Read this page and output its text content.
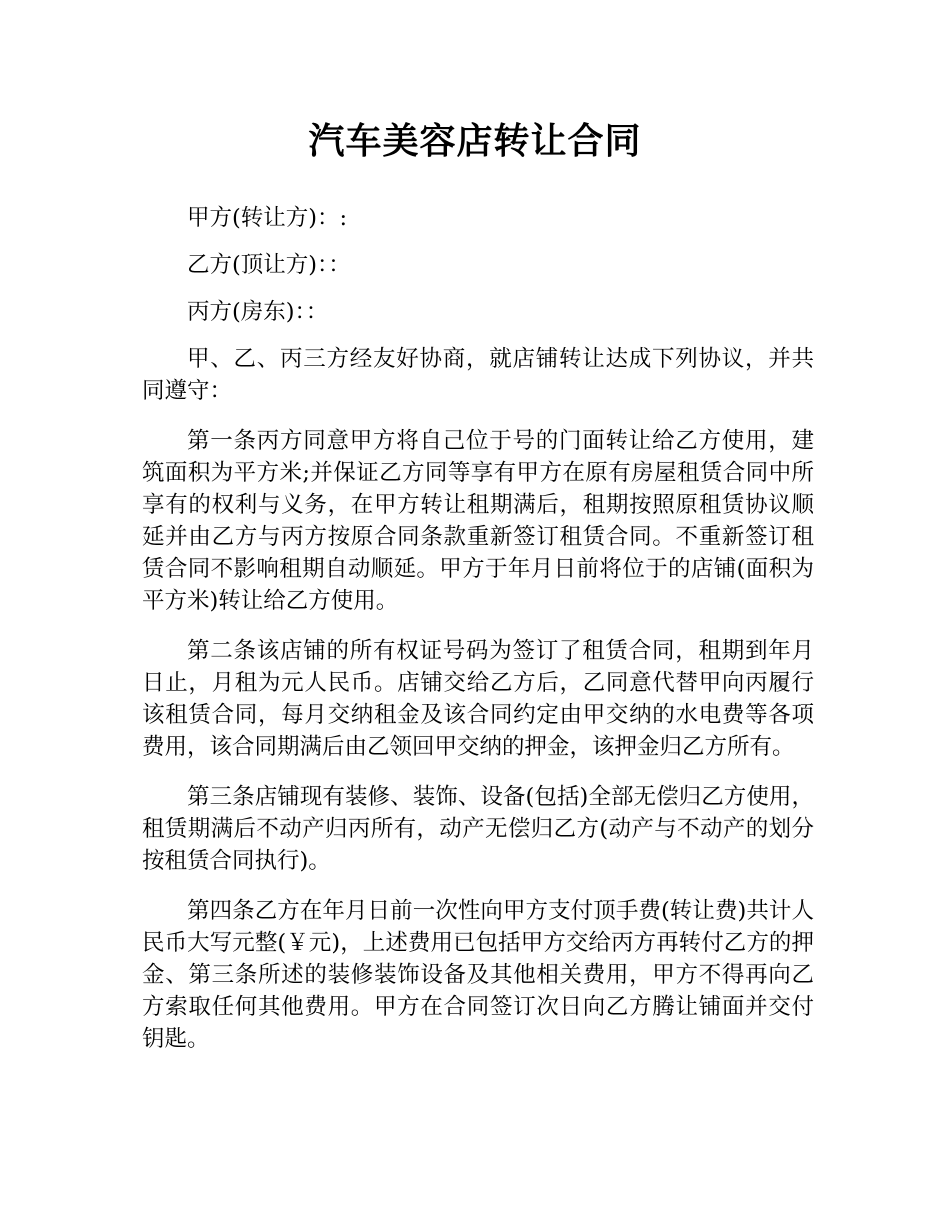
汽车美容店转让合同

甲方(转让方)：:

乙方(顶让方)：：

丙方(房东)：：

甲、乙、丙三方经友好协商，就店铺转让达成下列协议，并共同遵守：

第一条丙方同意甲方将自己位于号的门面转让给乙方使用，建筑面积为平方米;并保证乙方同等享有甲方在原有房屋租赁合同中所享有的权利与义务，在甲方转让租期满后，租期按照原租赁协议顺延并由乙方与丙方按原合同条款重新签订租赁合同。不重新签订租赁合同不影响租期自动顺延。甲方于年月日前将位于的店铺(面积为平方米)转让给乙方使用。

第二条该店铺的所有权证号码为签订了租赁合同，租期到年月日止，月租为元人民币。店铺交给乙方后，乙同意代替甲向丙履行该租赁合同，每月交纳租金及该合同约定由甲交纳的水电费等各项费用，该合同期满后由乙领回甲交纳的押金，该押金归乙方所有。

第三条店铺现有装修、装饰、设备(包括)全部无偿归乙方使用，租赁期满后不动产归丙所有，动产无偿归乙方(动产与不动产的划分按租赁合同执行)。

第四条乙方在年月日前一次性向甲方支付顶手费(转让费)共计人民币大写元整(￥元)，上述费用已包括甲方交给丙方再转付乙方的押金、第三条所述的装修装饰设备及其他相关费用，甲方不得再向乙方索取任何其他费用。甲方在合同签订次日向乙方腾让铺面并交付钥匙。
